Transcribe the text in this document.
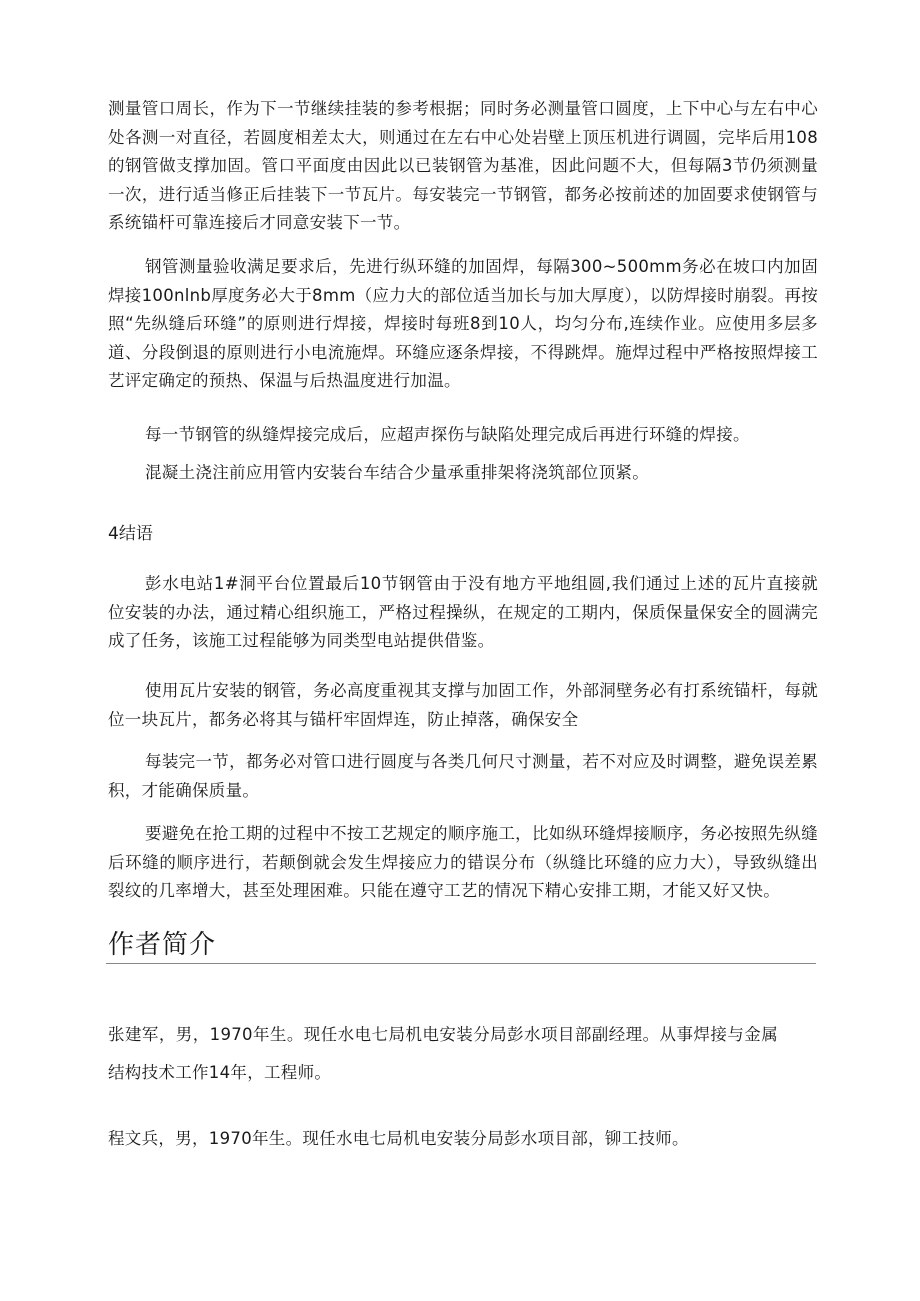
测量管口周长，作为下一节继续挂装的参考根据；同时务必测量管口圆度，上下中心与左右中心处各测一对直径，若圆度相差太大，则通过在左右中心处岩壁上顶压机进行调圆，完毕后用108的钢管做支撑加固。管口平面度由因此以已装钢管为基准，因此问题不大，但每隔3节仍须测量一次，进行适当修正后挂装下一节瓦片。每安装完一节钢管，都务必按前述的加固要求使钢管与系统锚杆可靠连接后才同意安装下一节。

钢管测量验收满足要求后，先进行纵环缝的加固焊，每隔300~500mm务必在坡口内加固焊接100nlnb厚度务必大于8mm（应力大的部位适当加长与加大厚度），以防焊接时崩裂。再按照“先纵缝后环缝”的原则进行焊接，焊接时每班8到10人，均匀分布,连续作业。应使用多层多道、分段倒退的原则进行小电流施焊。环缝应逐条焊接，不得跳焊。施焊过程中严格按照焊接工艺评定确定的预热、保温与后热温度进行加温。

每一节钢管的纵缝焊接完成后，应超声探伤与缺陷处理完成后再进行环缝的焊接。

混凝土浇注前应用管内安装台车结合少量承重排架将浇筑部位顶紧。

4结语

彭水电站1#洞平台位置最后10节钢管由于没有地方平地组圆,我们通过上述的瓦片直接就位安装的办法，通过精心组织施工，严格过程操纵，在规定的工期内，保质保量保安全的圆满完成了任务，该施工过程能够为同类型电站提供借鉴。

使用瓦片安装的钢管，务必高度重视其支撑与加固工作，外部洞壁务必有打系统锚杆，每就位一块瓦片，都务必将其与锚杆牢固焊连，防止掉落，确保安全

每装完一节，都务必对管口进行圆度与各类几何尺寸测量，若不对应及时调整，避免误差累积，才能确保质量。

要避免在抢工期的过程中不按工艺规定的顺序施工，比如纵环缝焊接顺序，务必按照先纵缝后环缝的顺序进行，若颠倒就会发生焊接应力的错误分布（纵缝比环缝的应力大），导致纵缝出裂纹的几率增大，甚至处理困难。只能在遵守工艺的情况下精心安排工期，才能又好又快。

作者简介

张建军，男，1970年生。现任水电七局机电安装分局彭水项目部副经理。从事焊接与金属结构技术工作14年，工程师。

程文兵，男，1970年生。现任水电七局机电安装分局彭水项目部，铆工技师。
